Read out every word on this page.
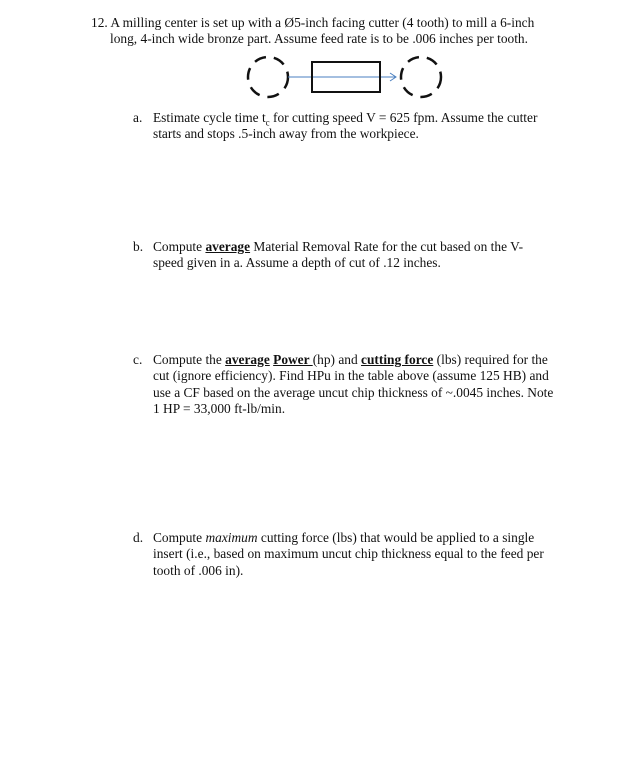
12. A milling center is set up with a Ø5-inch facing cutter (4 tooth) to mill a 6-inch
long, 4-inch wide bronze part. Assume feed rate is to be .006 inches per tooth.
a. Estimate cycle time $t_c$ for cutting speed V = 625 fpm. Assume the cutter
starts and stops .5-inch away from the workpiece.
b. Compute average Material Removal Rate for the cut based on the V-
speed given in a. Assume a depth of cut of .12 inches.
c. Compute the average Power (hp) and cutting force (lbs) required for the
cut (ignore efficiency). Find HPu in the table above (assume 125 HB) and
use a CF based on the average uncut chip thickness of ~.0045 inches. Note
1 HP = 33,000 ft-lb/min.
d. Compute maximum cutting force (lbs) that would be applied to a single
insert (i.e., based on maximum uncut chip thickness equal to the feed per
tooth of .006 in).
